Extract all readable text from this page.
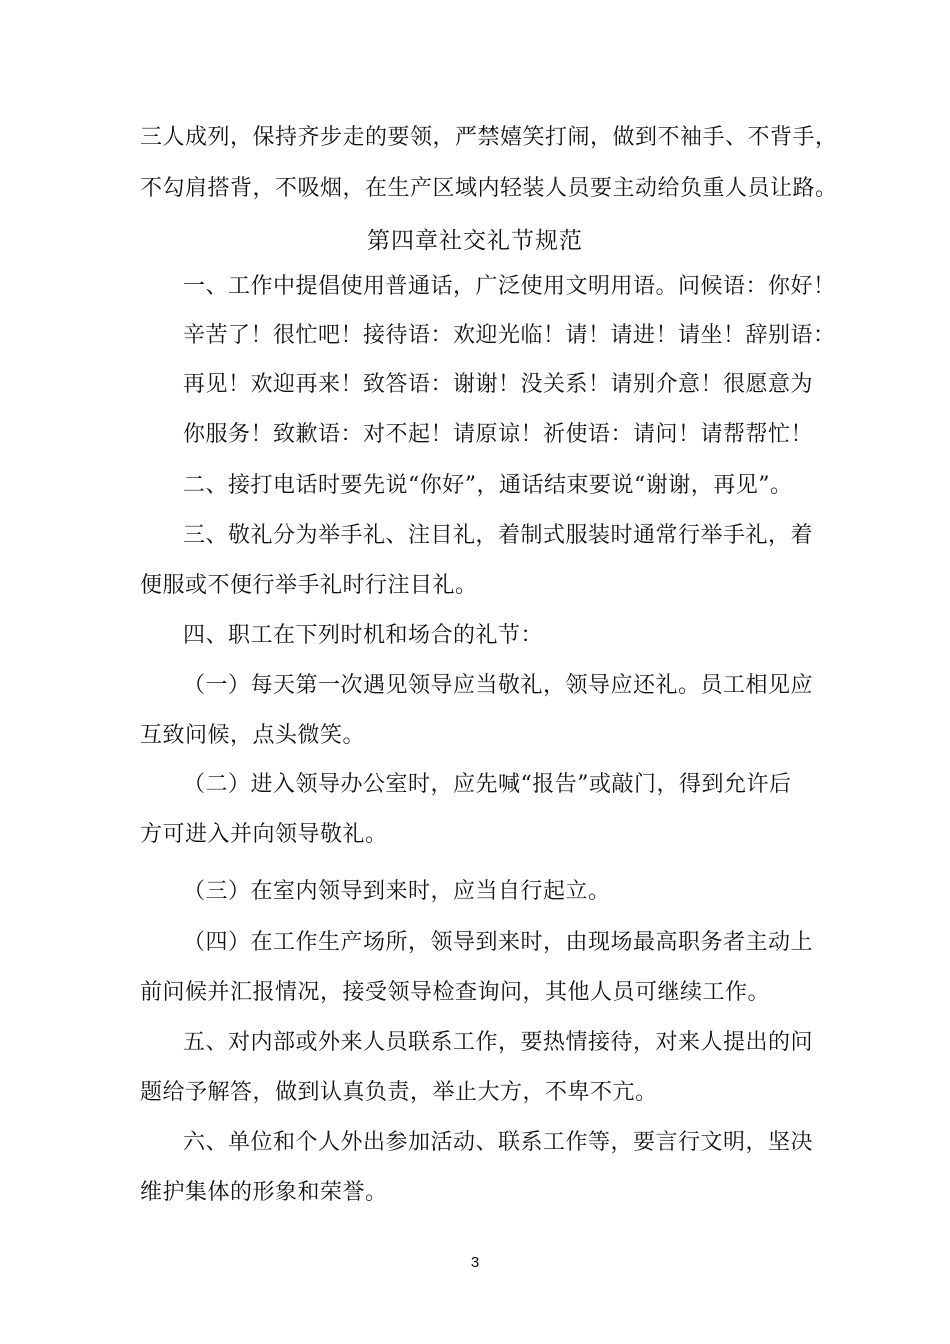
三人成列，保持齐步走的要领，严禁嬉笑打闹，做到不袖手、不背手，
不勾肩搭背，不吸烟，在生产区域内轻装人员要主动给负重人员让路。
第四章社交礼节规范
一、工作中提倡使用普通话，广泛使用文明用语。问候语：你好！
辛苦了！很忙吧！接待语：欢迎光临！请！请进！请坐！辞别语：
再见！欢迎再来！致答语：谢谢！没关系！请别介意！很愿意为
你服务！致歉语：对不起！请原谅！祈使语：请问！请帮帮忙！
二、接打电话时要先说“你好”，通话结束要说“谢谢，再见”。
三、敬礼分为举手礼、注目礼，着制式服装时通常行举手礼，着
便服或不便行举手礼时行注目礼。
四、职工在下列时机和场合的礼节：
（一）每天第一次遇见领导应当敬礼，领导应还礼。员工相见应
互致问候，点头微笑。
（二）进入领导办公室时，应先喊“报告”或敲门，得到允许后
方可进入并向领导敬礼。
（三）在室内领导到来时，应当自行起立。
（四）在工作生产场所，领导到来时，由现场最高职务者主动上
前问候并汇报情况，接受领导检查询问，其他人员可继续工作。
五、对内部或外来人员联系工作，要热情接待，对来人提出的问
题给予解答，做到认真负责，举止大方，不卑不亢。
六、单位和个人外出参加活动、联系工作等，要言行文明，坚决
维护集体的形象和荣誉。
3
